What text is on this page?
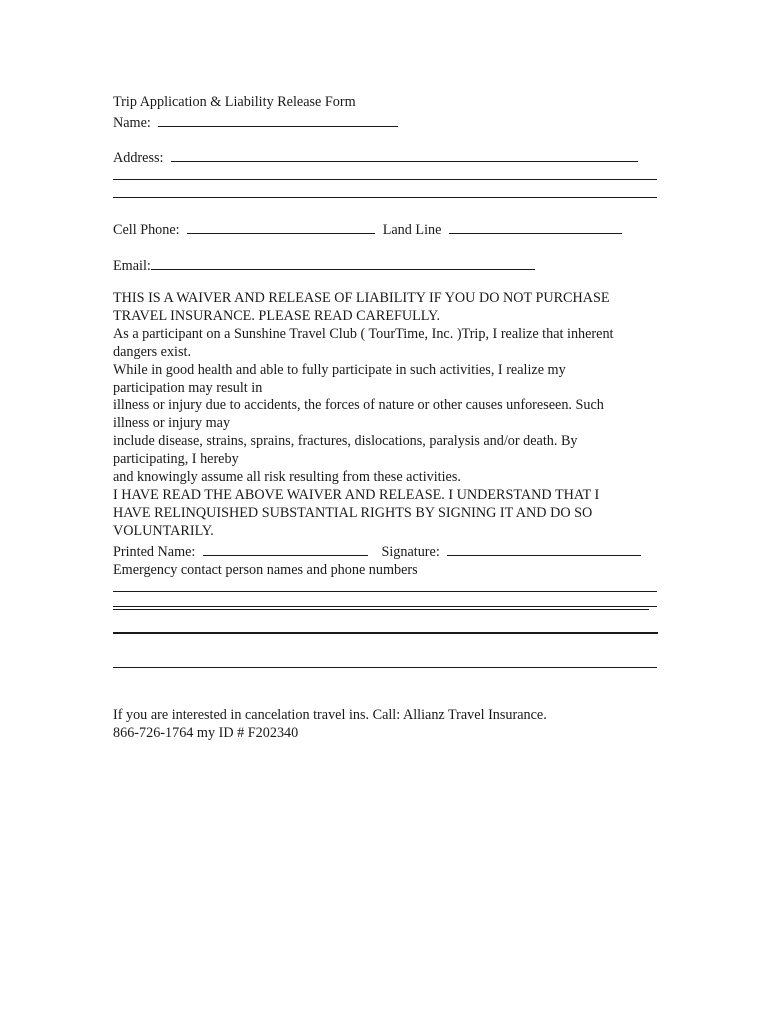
Trip Application & Liability Release Form
Name:
Address:
Cell Phone:	Land Line
Email:
THIS IS A WAIVER AND RELEASE OF LIABILITY IF YOU DO NOT PURCHASE
TRAVEL INSURANCE. PLEASE READ CAREFULLY.
As a participant on a Sunshine Travel Club ( TourTime, Inc. )Trip, I realize that inherent
dangers exist.
While in good health and able to fully participate in such activities, I realize my
participation may result in
illness or injury due to accidents, the forces of nature or other causes unforeseen. Such
illness or injury may
include disease, strains, sprains, fractures, dislocations, paralysis and/or death. By
participating, I hereby
and knowingly assume all risk resulting from these activities.
I HAVE READ THE ABOVE WAIVER AND RELEASE. I UNDERSTAND THAT I
HAVE RELINQUISHED SUBSTANTIAL RIGHTS BY SIGNING IT AND DO SO
VOLUNTARILY.
Printed Name:	Signature:
Emergency contact person names and phone numbers
If you are interested in cancelation travel ins. Call: Allianz Travel Insurance.
866-726-1764 my ID # F202340
